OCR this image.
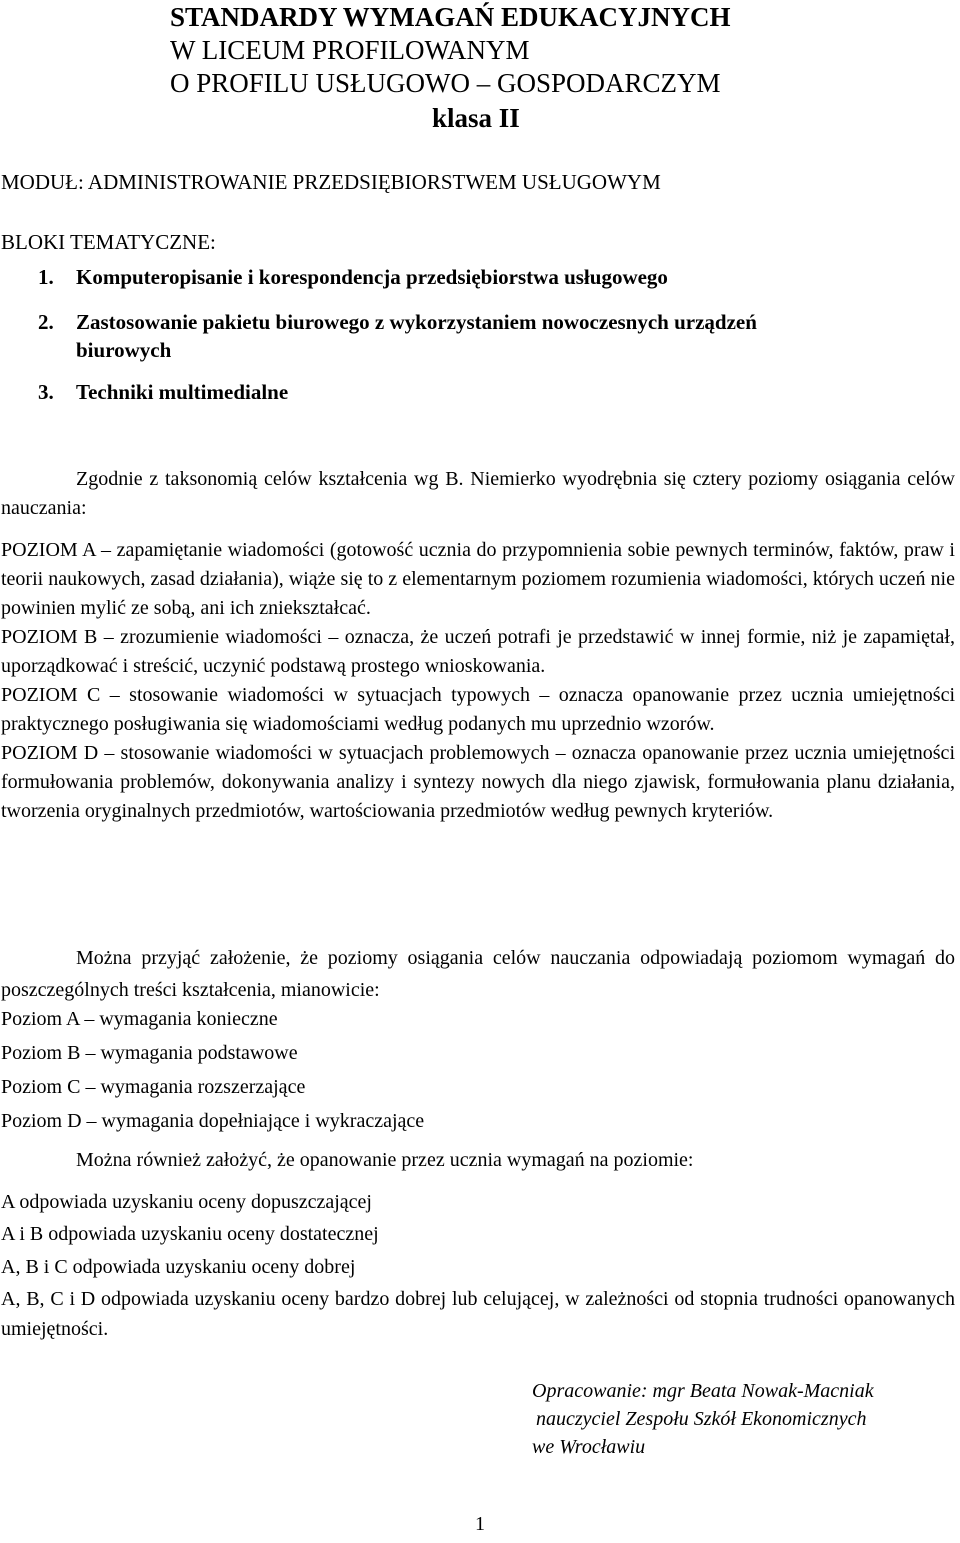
STANDARDY WYMAGAŃ EDUKACYJNYCH
W LICEUM PROFILOWANYM
O PROFILU USŁUGOWO – GOSPODARCZYM
klasa II
MODUŁ: ADMINISTROWANIE PRZEDSIĘBIORSTWEM USŁUGOWYM
BLOKI TEMATYCZNE:
1. Komputeropisanie i korespondencja przedsiębiorstwa usługowego
2. Zastosowanie pakietu biurowego z wykorzystaniem nowoczesnych urządzeń
biurowych
3. Techniki multimedialne
Zgodnie z taksonomią celów kształcenia wg B. Niemierko wyodrębnia się cztery poziomy osiągania celów nauczania:
POZIOM A – zapamiętanie wiadomości (gotowość ucznia do przypomnienia sobie pewnych terminów, faktów, praw i teorii naukowych, zasad działania), wiąże się to z elementarnym poziomem rozumienia wiadomości, których uczeń nie powinien mylić ze sobą, ani ich zniekształcać.
POZIOM B – zrozumienie wiadomości – oznacza, że uczeń potrafi je przedstawić w innej formie, niż je zapamiętał, uporządkować i streścić, uczynić podstawą prostego wnioskowania.
POZIOM C – stosowanie wiadomości w sytuacjach typowych – oznacza opanowanie przez ucznia umiejętności praktycznego posługiwania się wiadomościami według podanych mu uprzednio wzorów.
POZIOM D – stosowanie wiadomości w sytuacjach problemowych – oznacza opanowanie przez ucznia umiejętności formułowania problemów, dokonywania analizy i syntezy nowych dla niego zjawisk, formułowania planu działania, tworzenia oryginalnych przedmiotów, wartościowania przedmiotów według pewnych kryteriów.
Można przyjąć założenie, że poziomy osiągania celów nauczania odpowiadają poziomom wymagań do poszczególnych treści kształcenia, mianowicie:
Poziom A – wymagania konieczne
Poziom B – wymagania podstawowe
Poziom C – wymagania rozszerzające
Poziom D – wymagania dopełniające i wykraczające
Można również założyć, że opanowanie przez ucznia wymagań na poziomie:
A odpowiada uzyskaniu oceny dopuszczającej
A i B odpowiada uzyskaniu oceny dostatecznej
A, B i C odpowiada uzyskaniu oceny dobrej
A, B, C i D odpowiada uzyskaniu oceny bardzo dobrej lub celującej, w zależności od stopnia trudności opanowanych umiejętności.
Opracowanie: mgr Beata Nowak-Macniak
nauczyciel Zespołu Szkół Ekonomicznych
we Wrocławiu
1
